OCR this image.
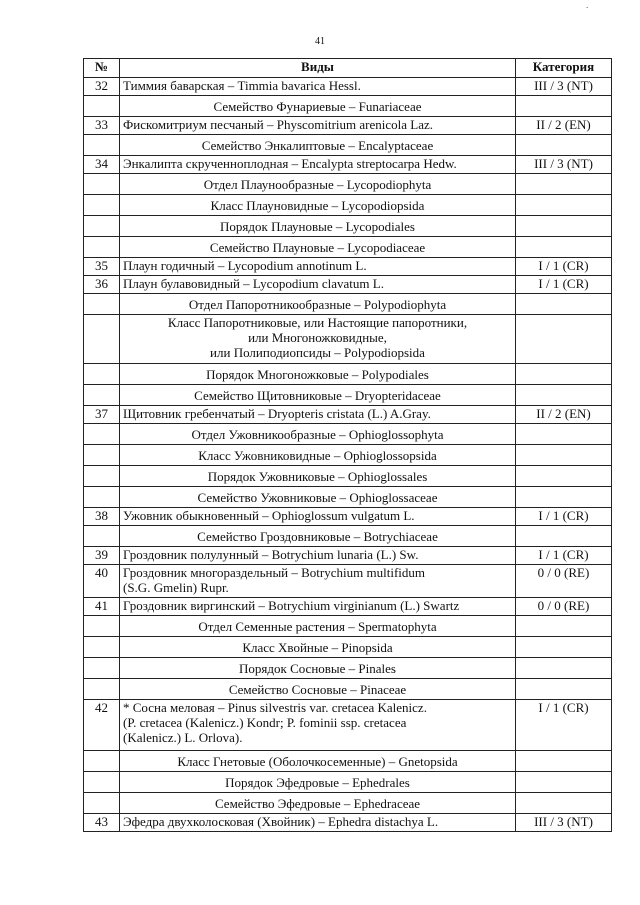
.
41
№	Виды	Категория
32	Тиммия баварская – Timmia bavarica Hessl.	III / 3 (NT)

	Семейство Фунариевые – Funariaceae	

33	Фискомитриум песчаный – Physcomitrium arenicola Laz.	II / 2 (EN)

	Семейство Энкалиптовые – Encalyptaceae	

34	Энкалипта скрученноплодная – Encalypta streptocarpa Hedw.	III / 3 (NT)

	Отдел Плаунообразные – Lycopodiophyta	

	Класс Плауновидные – Lycopodiopsida	

	Порядок Плауновые – Lycopodiales	

	Семейство Плауновые – Lycopodiaceae	

35	Плаун годичный – Lycopodium annotinum L.	I / 1 (CR)
36	Плаун булавовидный – Lycopodium clavatum L.	I / 1 (CR)

	Отдел Папоротникообразные – Polypodiophyta	

	Класс Папоротниковые, или Настоящие папоротники,
или Многоножковидные,
или Полиподиопсиды – Polypodiopsida	

	Порядок Многоножковые – Polypodiales	

	Семейство Щитовниковые – Dryopteridaceae	

37	Щитовник гребенчатый – Dryopteris cristata (L.) A.Gray.	II / 2 (EN)

	Отдел Ужовникообразные – Ophioglossophyta	

	Класс Ужовниковидные – Ophioglossopsida	

	Порядок Ужовниковые – Ophioglossales	

	Семейство Ужовниковые – Ophioglossaceae	

38	Ужовник обыкновенный – Ophioglossum vulgatum L.	I / 1 (CR)

	Семейство Гроздовниковые – Botrychiaceae	

39	Гроздовник полулунный – Botrychium lunaria (L.) Sw.	I / 1 (CR)
40	Гроздовник многораздельный – Botrychium multifidum
(S.G. Gmelin) Rupr.	0 / 0 (RE)
41	Гроздовник виргинский – Botrychium virginianum (L.) Swartz	0 / 0 (RE)

	Отдел Семенные растения – Spermatophyta	

	Класс Хвойные – Pinopsida	

	Порядок Сосновые – Pinales	

	Семейство Сосновые – Pinaceae	

42	* Сосна меловая – Pinus silvestris var. cretacea Kalenicz.
(P. cretacea (Kalenicz.) Kondr; P. fominii ssp. cretacea
(Kalenicz.) L. Orlova).	I / 1 (CR)

	Класс Гнетовые (Оболочкосеменные) – Gnetopsida	

	Порядок Эфедровые – Ephedrales	

	Семейство Эфедровые – Ephedraceae	

43	Эфедра двухколосковая (Хвойник) – Ephedra distachya L.	III / 3 (NT)
